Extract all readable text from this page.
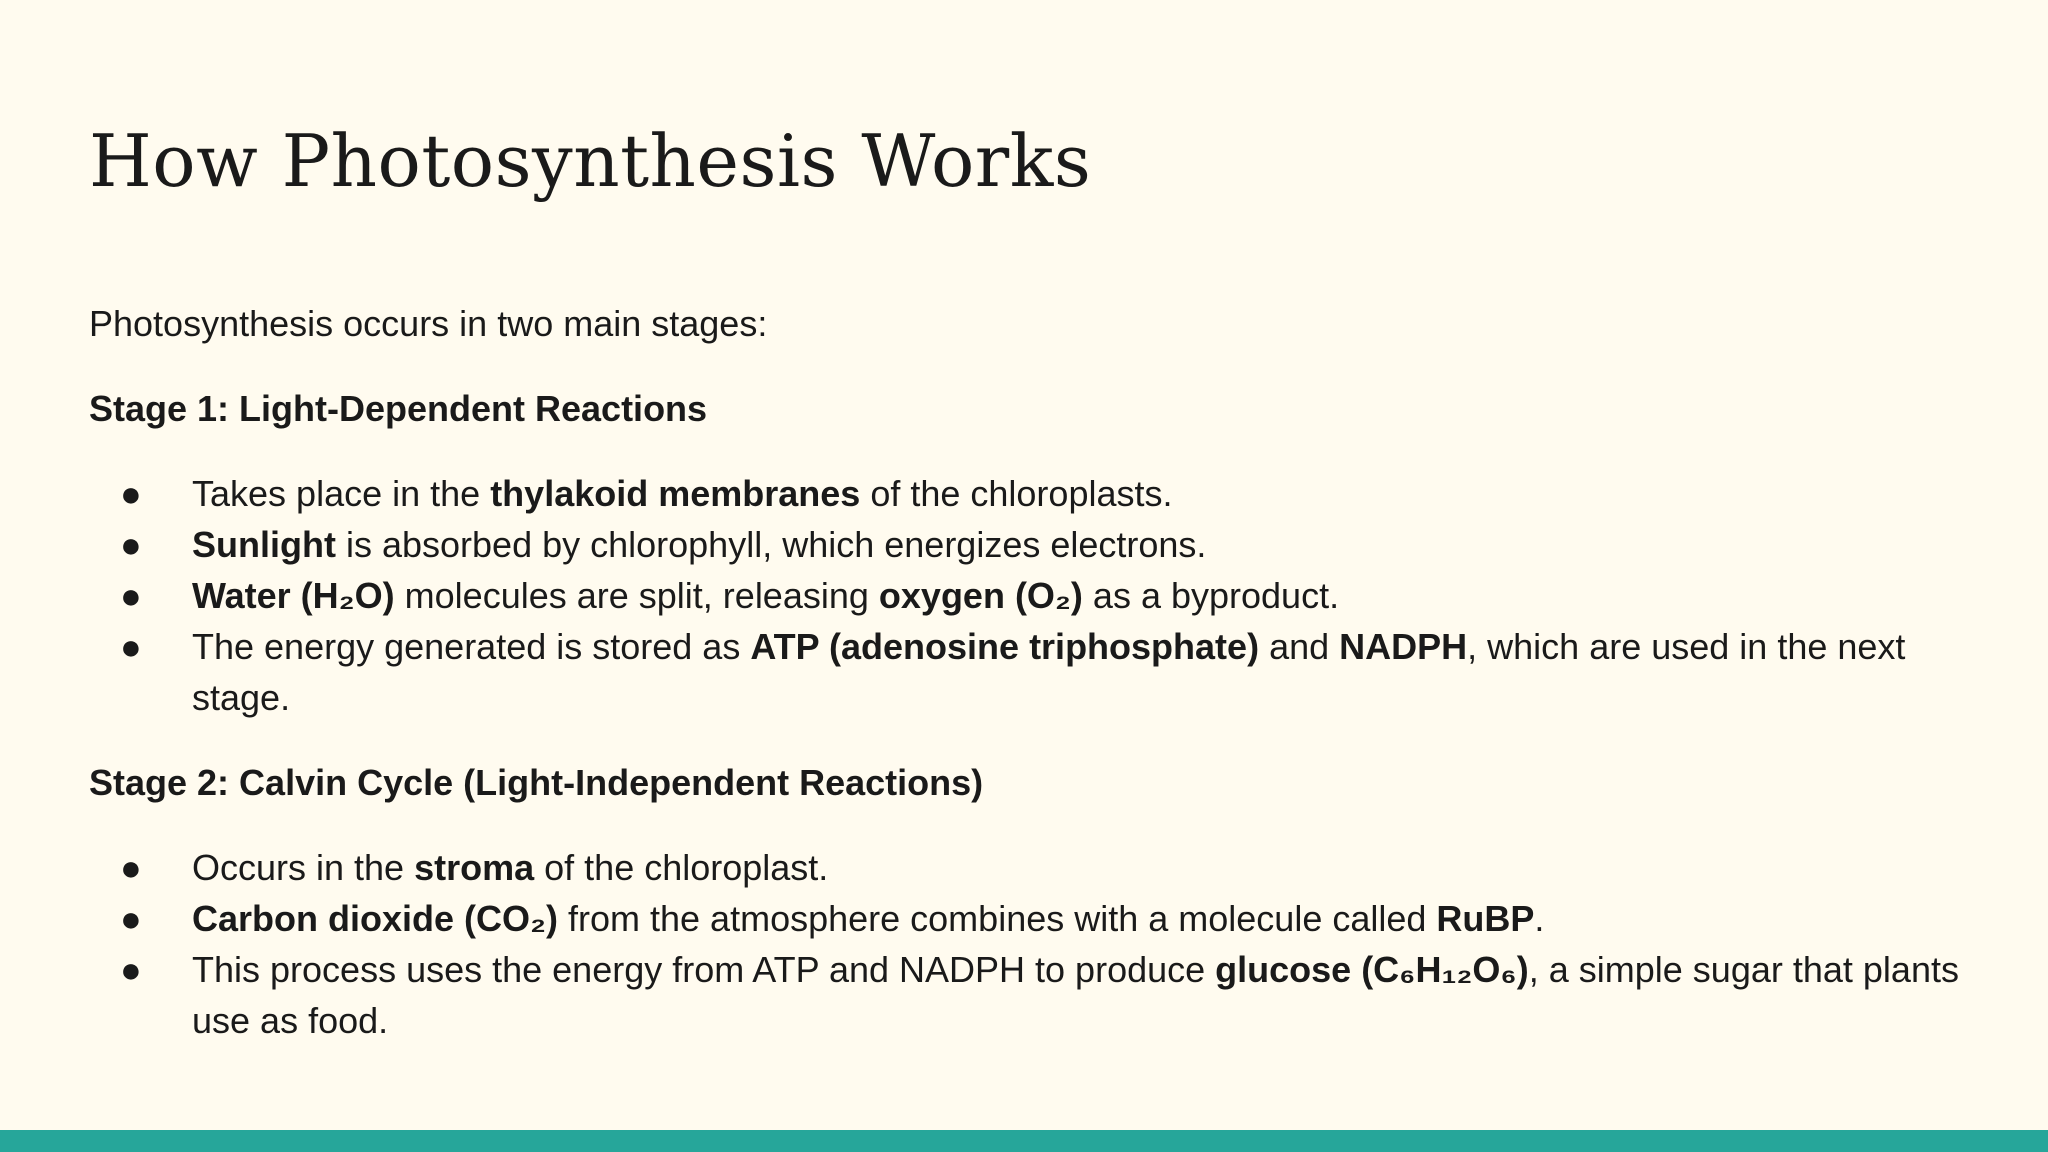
How Photosynthesis Works

Photosynthesis occurs in two main stages:

Stage 1: Light-Dependent Reactions

● Takes place in the thylakoid membranes of the chloroplasts.
● Sunlight is absorbed by chlorophyll, which energizes electrons.
● Water (H₂O) molecules are split, releasing oxygen (O₂) as a byproduct.
● The energy generated is stored as ATP (adenosine triphosphate) and NADPH, which are used in the next stage.

Stage 2: Calvin Cycle (Light-Independent Reactions)

● Occurs in the stroma of the chloroplast.
● Carbon dioxide (CO₂) from the atmosphere combines with a molecule called RuBP.
● This process uses the energy from ATP and NADPH to produce glucose (C₆H₁₂O₆), a simple sugar that plants use as food.
